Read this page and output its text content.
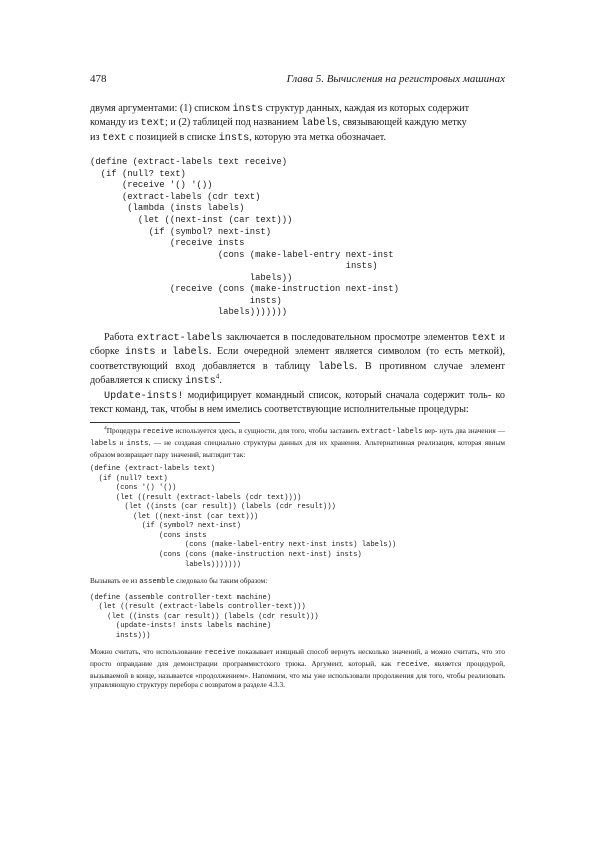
478	Глава 5. Вычисления на регистровых машинах

двумя аргументами: (1) списком insts структур данных, каждая из которых содержит
команду из text; и (2) таблицей под названием labels, связывающей каждую метку
из text с позицией в списке insts, которую эта метка обозначает.

(define (extract-labels text receive)
(if (null? text)
(receive '() '())
(extract-labels (cdr text)
(lambda (insts labels)
(let ((next-inst (car text)))
(if (symbol? next-inst)
(receive insts
(cons (make-label-entry next-inst
insts)
labels))
(receive (cons (make-instruction next-inst)
insts)
labels)))))))

Работа extract-labels заключается в последовательном просмотре элементов text и сборке insts и labels. Если очередной элемент является символом (то есть меткой), соответствующий вход добавляется в таблицу labels. В противном случае элемент добавляется к списку insts$^4$.

Update-insts! модифицирует командный список, который сначала содержит толь- ко текст команд, так, чтобы в нем имелись соответствующие исполнительные процедуры:

$^4$Процедура receive используется здесь, в сущности, для того, чтобы заставить extract-labels вер- нуть два значения — labels и insts, — не создавая специально структуры данных для их хранения. Альтернативная реализация, которая явным образом возвращает пару значений, выглядит так:

(define (extract-labels text)
(if (null? text)
(cons '() '())
(let ((result (extract-labels (cdr text))))
(let ((insts (car result)) (labels (cdr result)))
(let ((next-inst (car text)))
(if (symbol? next-inst)
(cons insts
(cons (make-label-entry next-inst insts) labels))
(cons (cons (make-instruction next-inst) insts)
labels)))))))

Вызывать ее из assemble следовало бы таким образом:

(define (assemble controller-text machine)
(let ((result (extract-labels controller-text)))
(let ((insts (car result)) (labels (cdr result)))
(update-insts! insts labels machine)
insts)))

Можно считать, что использование receive показывает изящный способ вернуть несколько значений, а можно считать, что это просто оправдание для демонстрации программистского трюка. Аргумент, который, как receive, является процедурой, вызываемой в конце, называется «продолжением». Напомним, что мы уже использовали продолжения для того, чтобы реализовать управляющую структуру перебора с возвратом в разделе 4.3.3.
